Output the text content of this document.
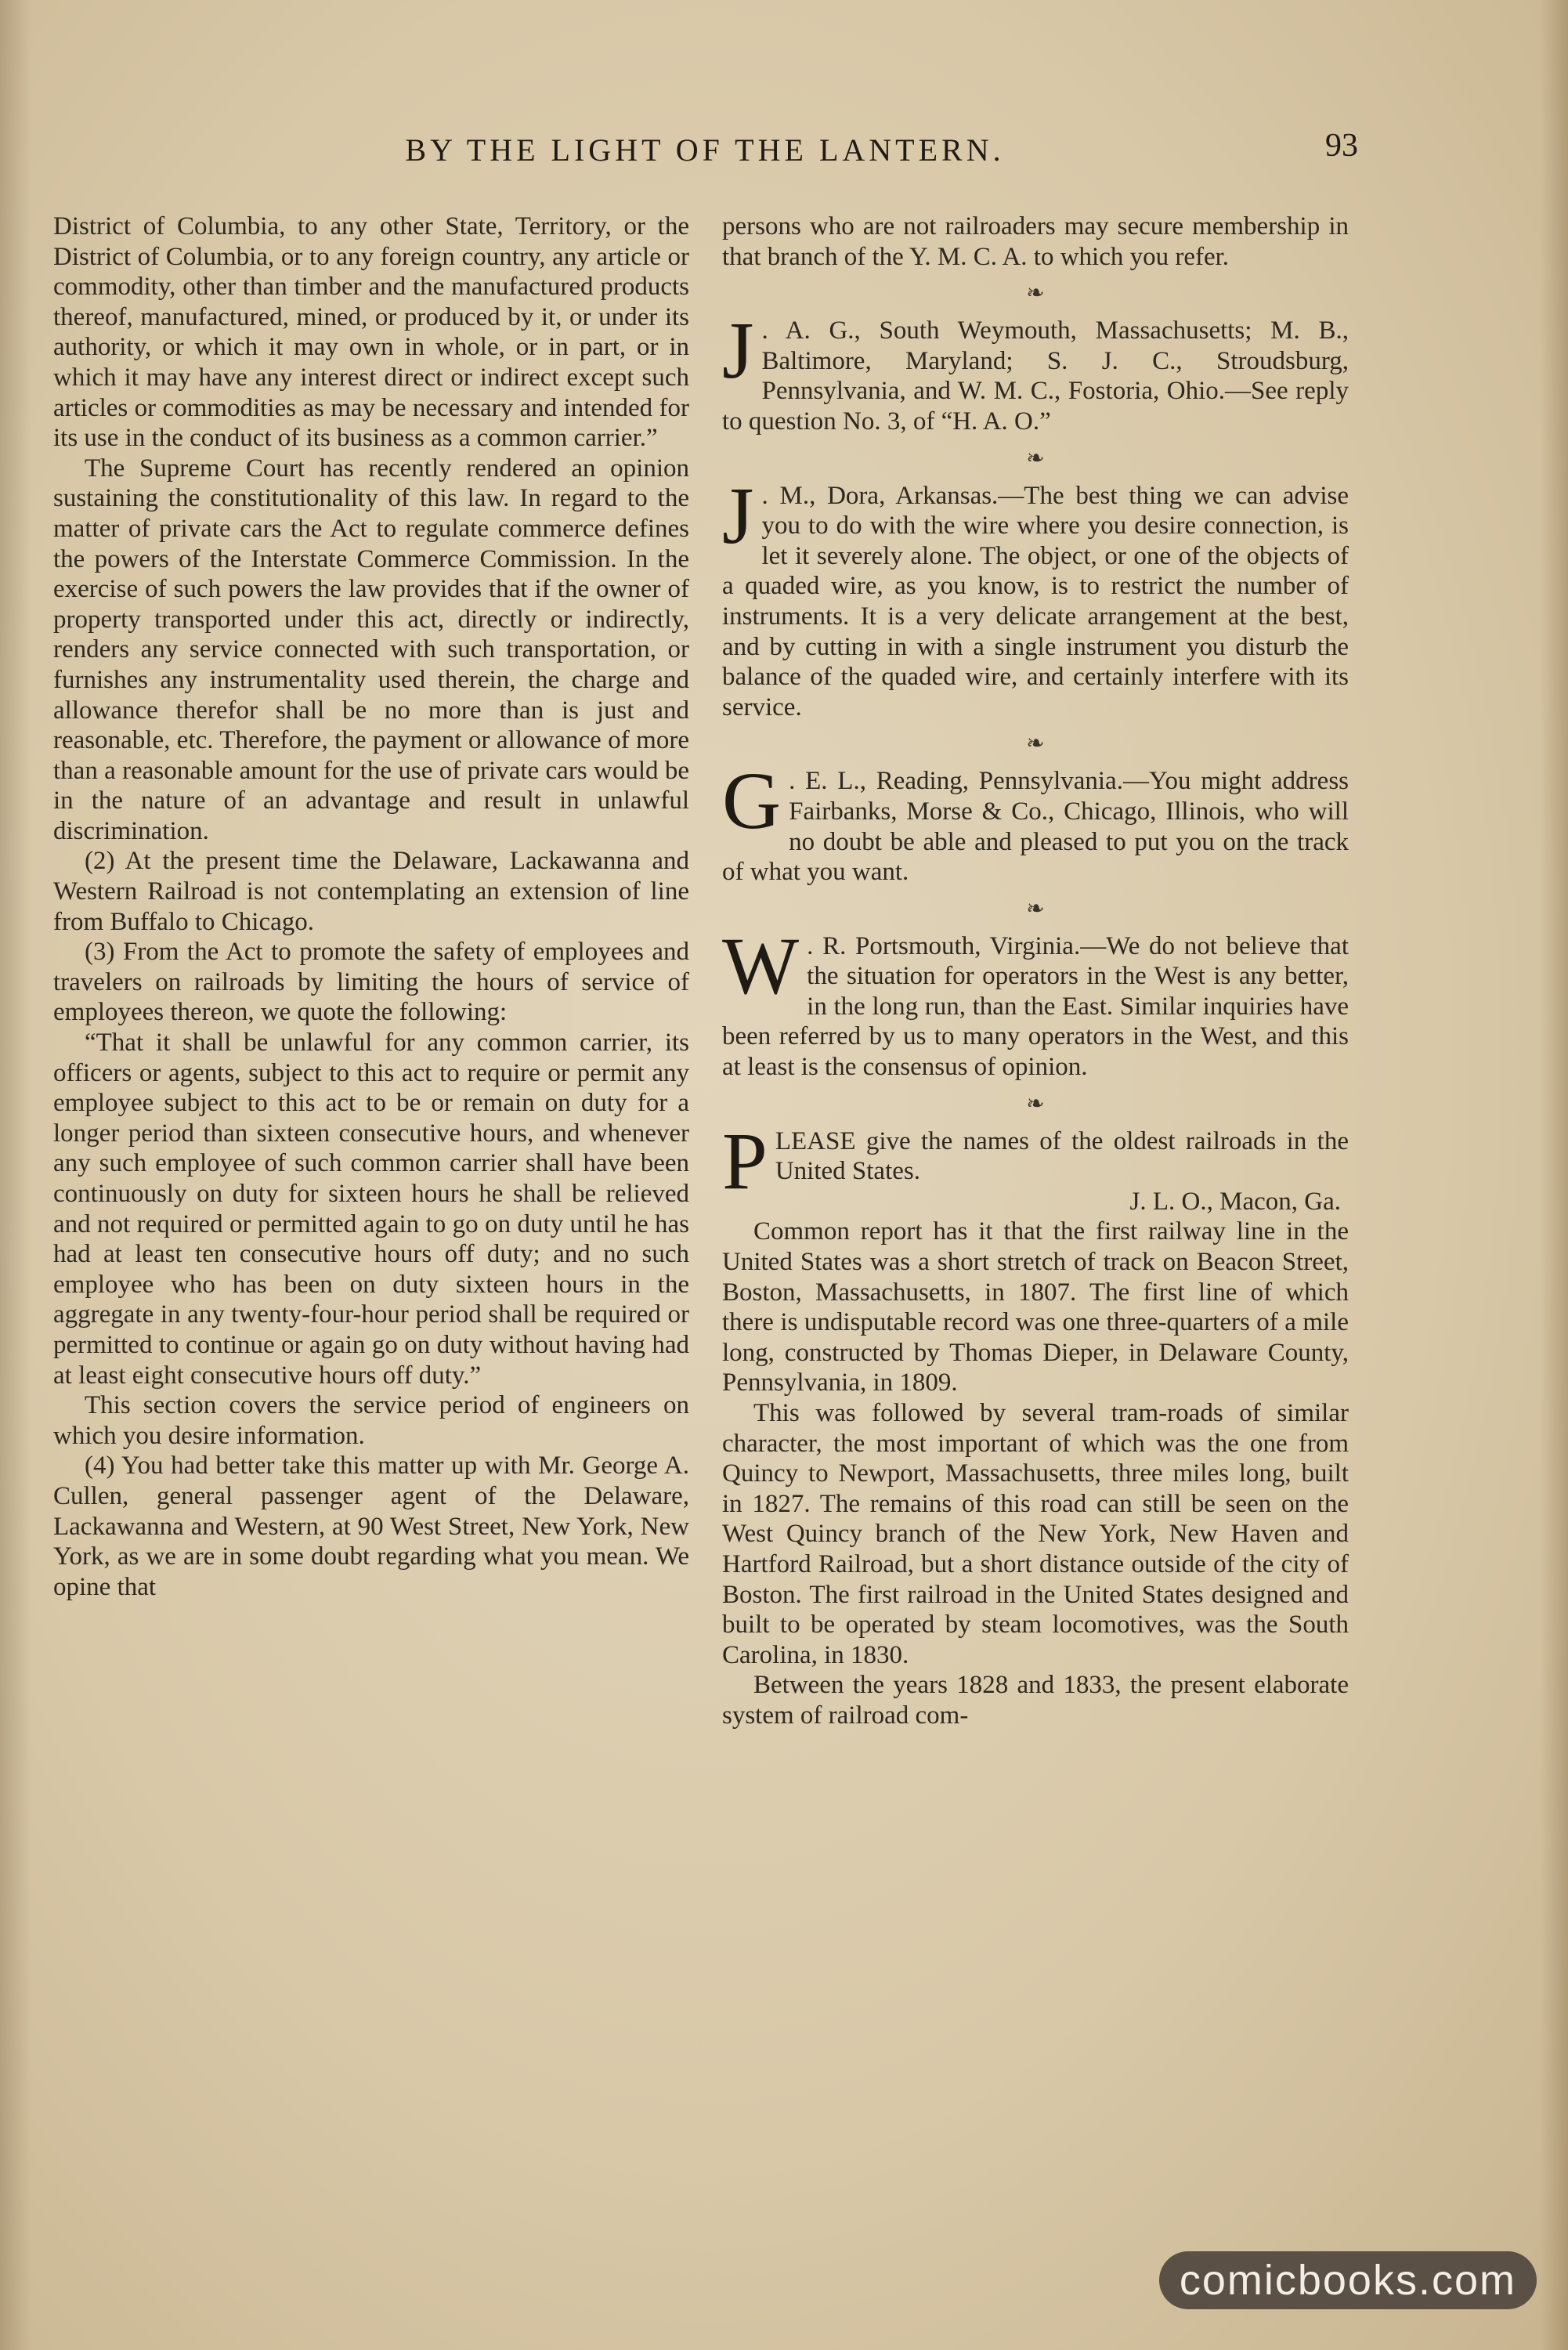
BY THE LIGHT OF THE LANTERN.	93

District of Columbia, to any other State, Territory, or the District of Columbia, or to any foreign country, any article or commodity, other than timber and the manufactured products thereof, manufactured, mined, or produced by it, or under its authority, or which it may own in whole, or in part, or in which it may have any interest direct or indirect except such articles or commodities as may be necessary and intended for its use in the conduct of its business as a common carrier.”

The Supreme Court has recently rendered an opinion sustaining the constitutionality of this law. In regard to the matter of private cars the Act to regulate commerce defines the powers of the Interstate Commerce Commission. In the exercise of such powers the law provides that if the owner of property transported under this act, directly or indirectly, renders any service connected with such transportation, or furnishes any instrumentality used therein, the charge and allowance therefor shall be no more than is just and reasonable, etc. Therefore, the payment or allowance of more than a reasonable amount for the use of private cars would be in the nature of an advantage and result in unlawful discrimination.

(2) At the present time the Delaware, Lackawanna and Western Railroad is not contemplating an extension of line from Buffalo to Chicago.

(3) From the Act to promote the safety of employees and travelers on railroads by limiting the hours of service of employees thereon, we quote the following:

“That it shall be unlawful for any common carrier, its officers or agents, subject to this act to require or permit any employee subject to this act to be or remain on duty for a longer period than sixteen consecutive hours, and whenever any such employee of such common carrier shall have been continuously on duty for sixteen hours he shall be relieved and not required or permitted again to go on duty until he has had at least ten consecutive hours off duty; and no such employee who has been on duty sixteen hours in the aggregate in any twenty-four-hour period shall be required or permitted to continue or again go on duty without having had at least eight consecutive hours off duty.”

This section covers the service period of engineers on which you desire information.

(4) You had better take this matter up with Mr. George A. Cullen, general passenger agent of the Delaware, Lackawanna and Western, at 90 West Street, New York, New York, as we are in some doubt regarding what you mean. We opine that

persons who are not railroaders may secure membership in that branch of the Y. M. C. A. to which you refer.

❧

J . A. G., South Weymouth, Massachusetts; M. B., Baltimore, Maryland; S. J. C., Stroudsburg, Pennsylvania, and W. M. C., Fostoria, Ohio.—See reply to question No. 3, of “H. A. O.”

❧

J . M., Dora, Arkansas.—The best thing we can advise you to do with the wire where you desire connection, is let it severely alone. The object, or one of the objects of a quaded wire, as you know, is to restrict the number of instruments. It is a very delicate arrangement at the best, and by cutting in with a single instrument you disturb the balance of the quaded wire, and certainly interfere with its service.

❧

G . E. L., Reading, Pennsylvania.—You might address Fairbanks, Morse & Co., Chicago, Illinois, who will no doubt be able and pleased to put you on the track of what you want.

❧

W . R. Portsmouth, Virginia.—We do not believe that the situation for operators in the West is any better, in the long run, than the East. Similar inquiries have been referred by us to many operators in the West, and this at least is the consensus of opinion.

❧

PLEASE give the names of the oldest railroads in the United States.

J. L. O., Macon, Ga.

Common report has it that the first railway line in the United States was a short stretch of track on Beacon Street, Boston, Massachusetts, in 1807. The first line of which there is undisputable record was one three-quarters of a mile long, constructed by Thomas Dieper, in Delaware County, Pennsylvania, in 1809.

This was followed by several tram-roads of similar character, the most important of which was the one from Quincy to Newport, Massachusetts, three miles long, built in 1827. The remains of this road can still be seen on the West Quincy branch of the New York, New Haven and Hartford Railroad, but a short distance outside of the city of Boston. The first railroad in the United States designed and built to be operated by steam locomotives, was the South Carolina, in 1830.

Between the years 1828 and 1833, the present elaborate system of railroad com-

comicbooks.com
